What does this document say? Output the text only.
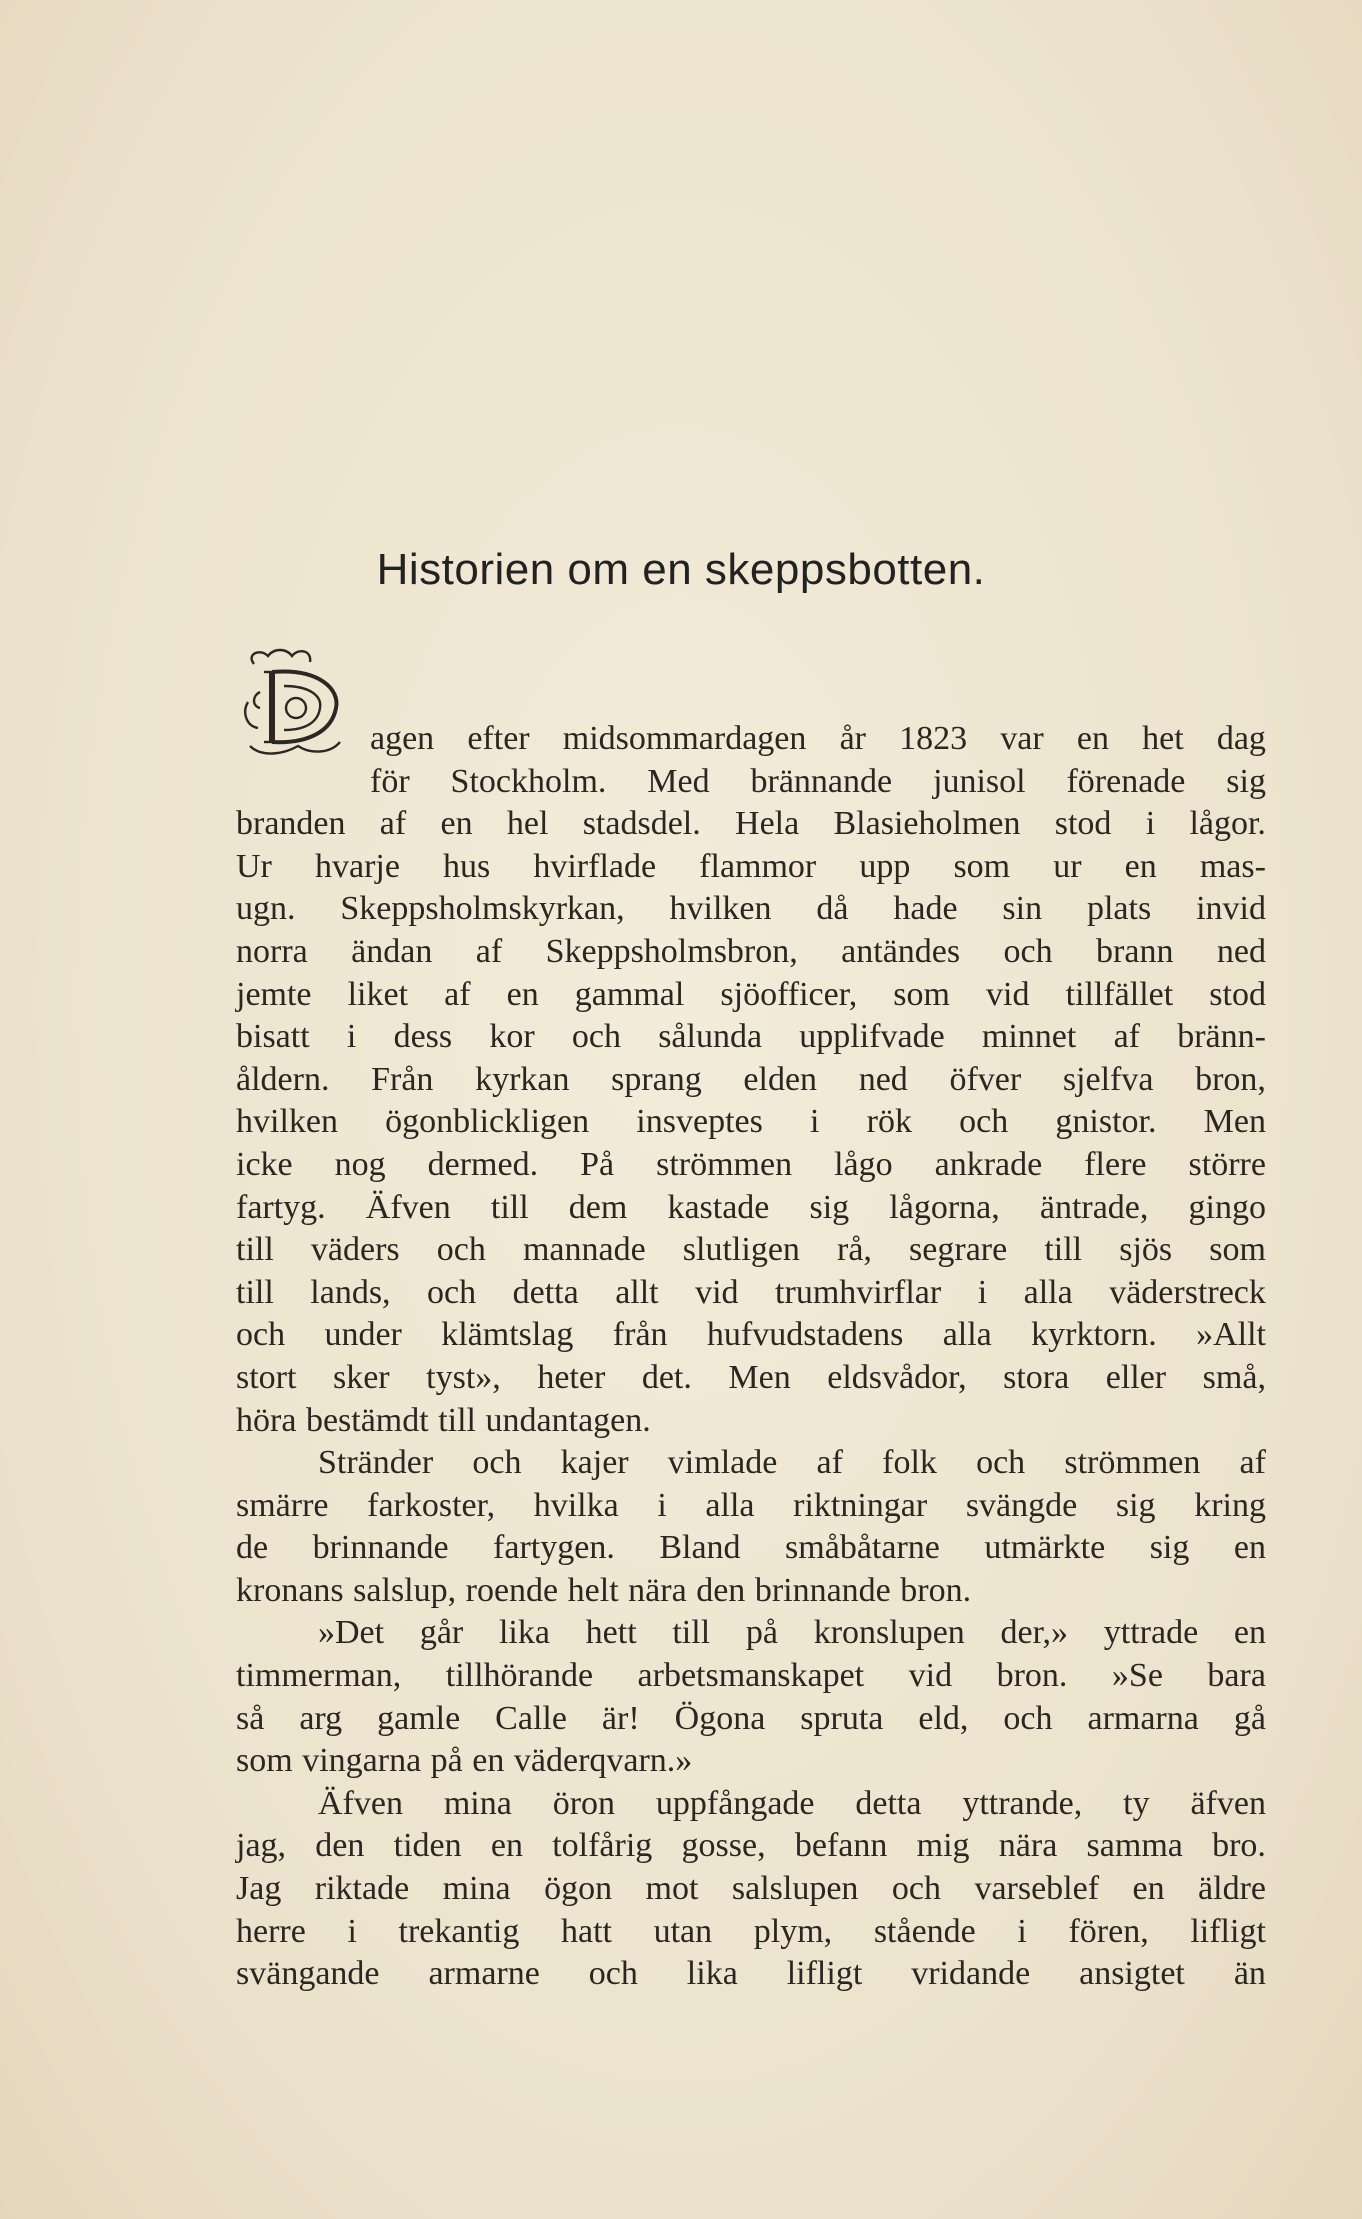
Historien om en skeppsbotten.
agen efter midsommardagen år 1823 var en het dag
för Stockholm. Med brännande junisol förenade sig
branden af en hel stadsdel. Hela Blasieholmen stod i lågor.
Ur hvarje hus hvirflade flammor upp som ur en mas-
ugn. Skeppsholmskyrkan, hvilken då hade sin plats invid
norra ändan af Skeppsholmsbron, antändes och brann ned
jemte liket af en gammal sjöofficer, som vid tillfället stod
bisatt i dess kor och sålunda upplifvade minnet af bränn-
åldern. Från kyrkan sprang elden ned öfver sjelfva bron,
hvilken ögonblickligen insveptes i rök och gnistor. Men
icke nog dermed. På strömmen lågo ankrade flere större
fartyg. Äfven till dem kastade sig lågorna, äntrade, gingo
till väders och mannade slutligen rå, segrare till sjös som
till lands, och detta allt vid trumhvirflar i alla väderstreck
och under klämtslag från hufvudstadens alla kyrktorn. »Allt
stort sker tyst», heter det. Men eldsvådor, stora eller små,
höra bestämdt till undantagen.
Stränder och kajer vimlade af folk och strömmen af
smärre farkoster, hvilka i alla riktningar svängde sig kring
de brinnande fartygen. Bland småbåtarne utmärkte sig en
kronans salslup, roende helt nära den brinnande bron.
»Det går lika hett till på kronslupen der,» yttrade en
timmerman, tillhörande arbetsmanskapet vid bron. »Se bara
så arg gamle Calle är! Ögona spruta eld, och armarna gå
som vingarna på en väderqvarn.»
Äfven mina öron uppfångade detta yttrande, ty äfven
jag, den tiden en tolfårig gosse, befann mig nära samma bro.
Jag riktade mina ögon mot salslupen och varseblef en äldre
herre i trekantig hatt utan plym, stående i fören, lifligt
svängande armarne och lika lifligt vridande ansigtet än
